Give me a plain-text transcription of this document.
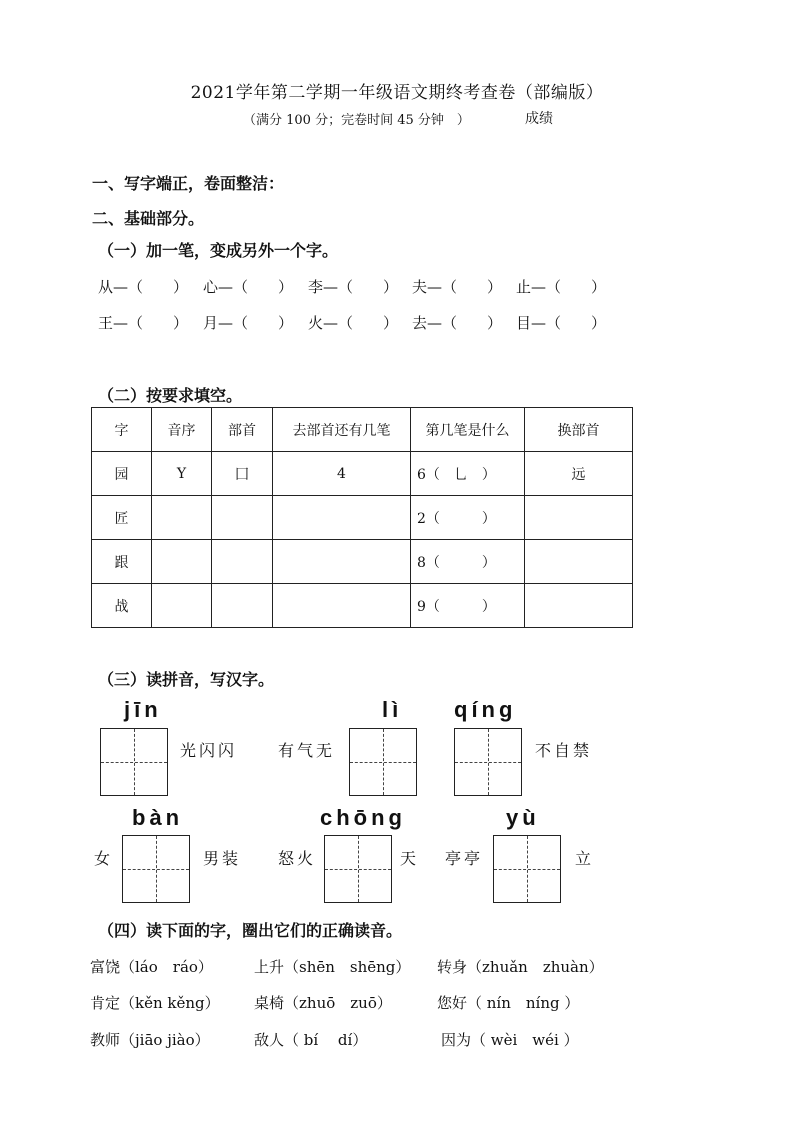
2021学年第二学期一年级语文期终考查卷（部编版）
（满分 100 分；完卷时间 45 分钟　）	成绩
一、写字端正，卷面整洁：
二、基础部分。
（一）加一笔，变成另外一个字。
从—（　　） 心—（　　） 李—（　　） 夫—（　　） 止—（　　）
王—（　　） 月—（　　） 火—（　　） 去—（　　） 目—（　　）
（二）按要求填空。
字	音序	部首	去部首还有几笔	第几笔是什么	换部首
园	Y	囗	4	6（　乚　）	远
匠				2（　　　）	
跟				8（　　　）	
战				9（　　　）	
（三）读拼音，写汉字。
jīn	lì qíng
光闪闪	有气无	不自禁
bàn	chōng	yù
女	男装 怒火	天 亭亭	立
（四）读下面的字，圈出它们的正确读音。
富饶（láo　ráo）	上升（shēn　shēng） 转身（zhuǎn　zhuàn）
肯定（kěn kěng） 桌椅（zhuō　zuō）	您好（ nín　níng ）
教师（jiāo jiào）	敌人（ bí　 dí）	因为（ wèi　wéi ）
